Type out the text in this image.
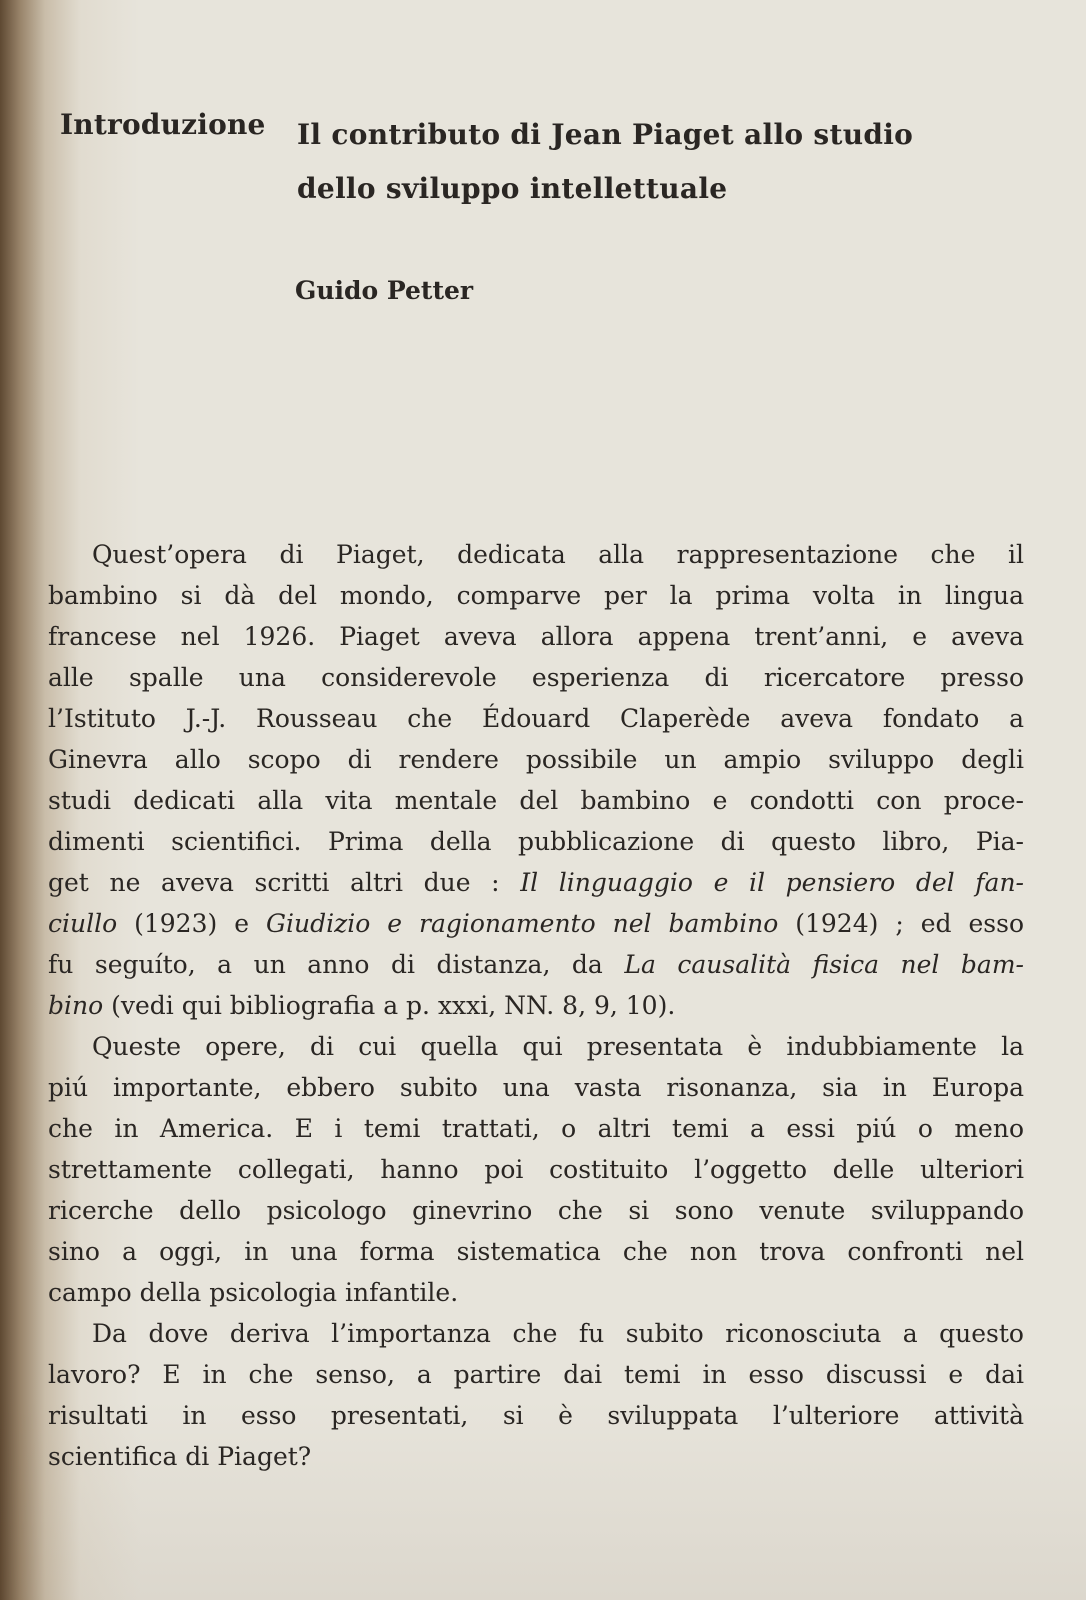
Introduzione Il contributo di Jean Piaget allo studio
dello sviluppo intellettuale
Guido Petter
Quest’opera di Piaget, dedicata alla rappresentazione che il
bambino si dà del mondo, comparve per la prima volta in lingua
francese nel 1926. Piaget aveva allora appena trent’anni, e aveva
alle spalle una considerevole esperienza di ricercatore presso
l’Istituto J.-J. Rousseau che Édouard Claperède aveva fondato a
Ginevra allo scopo di rendere possibile un ampio sviluppo degli
studi dedicati alla vita mentale del bambino e condotti con proce-
dimenti scientifici. Prima della pubblicazione di questo libro, Pia-
get ne aveva scritti altri due : Il linguaggio e il pensiero del fan-
ciullo (1923) e Giudizio e ragionamento nel bambino (1924) ; ed esso
fu seguíto, a un anno di distanza, da La causalità fisica nel bam-
bino (vedi qui bibliografia a p. xxxi, NN. 8, 9, 10).
Queste opere, di cui quella qui presentata è indubbiamente la
piú importante, ebbero subito una vasta risonanza, sia in Europa
che in America. E i temi trattati, o altri temi a essi piú o meno
strettamente collegati, hanno poi costituito l’oggetto delle ulteriori
ricerche dello psicologo ginevrino che si sono venute sviluppando
sino a oggi, in una forma sistematica che non trova confronti nel
campo della psicologia infantile.
Da dove deriva l’importanza che fu subito riconosciuta a questo
lavoro? E in che senso, a partire dai temi in esso discussi e dai
risultati in esso presentati, si è sviluppata l’ulteriore attività
scientifica di Piaget?
